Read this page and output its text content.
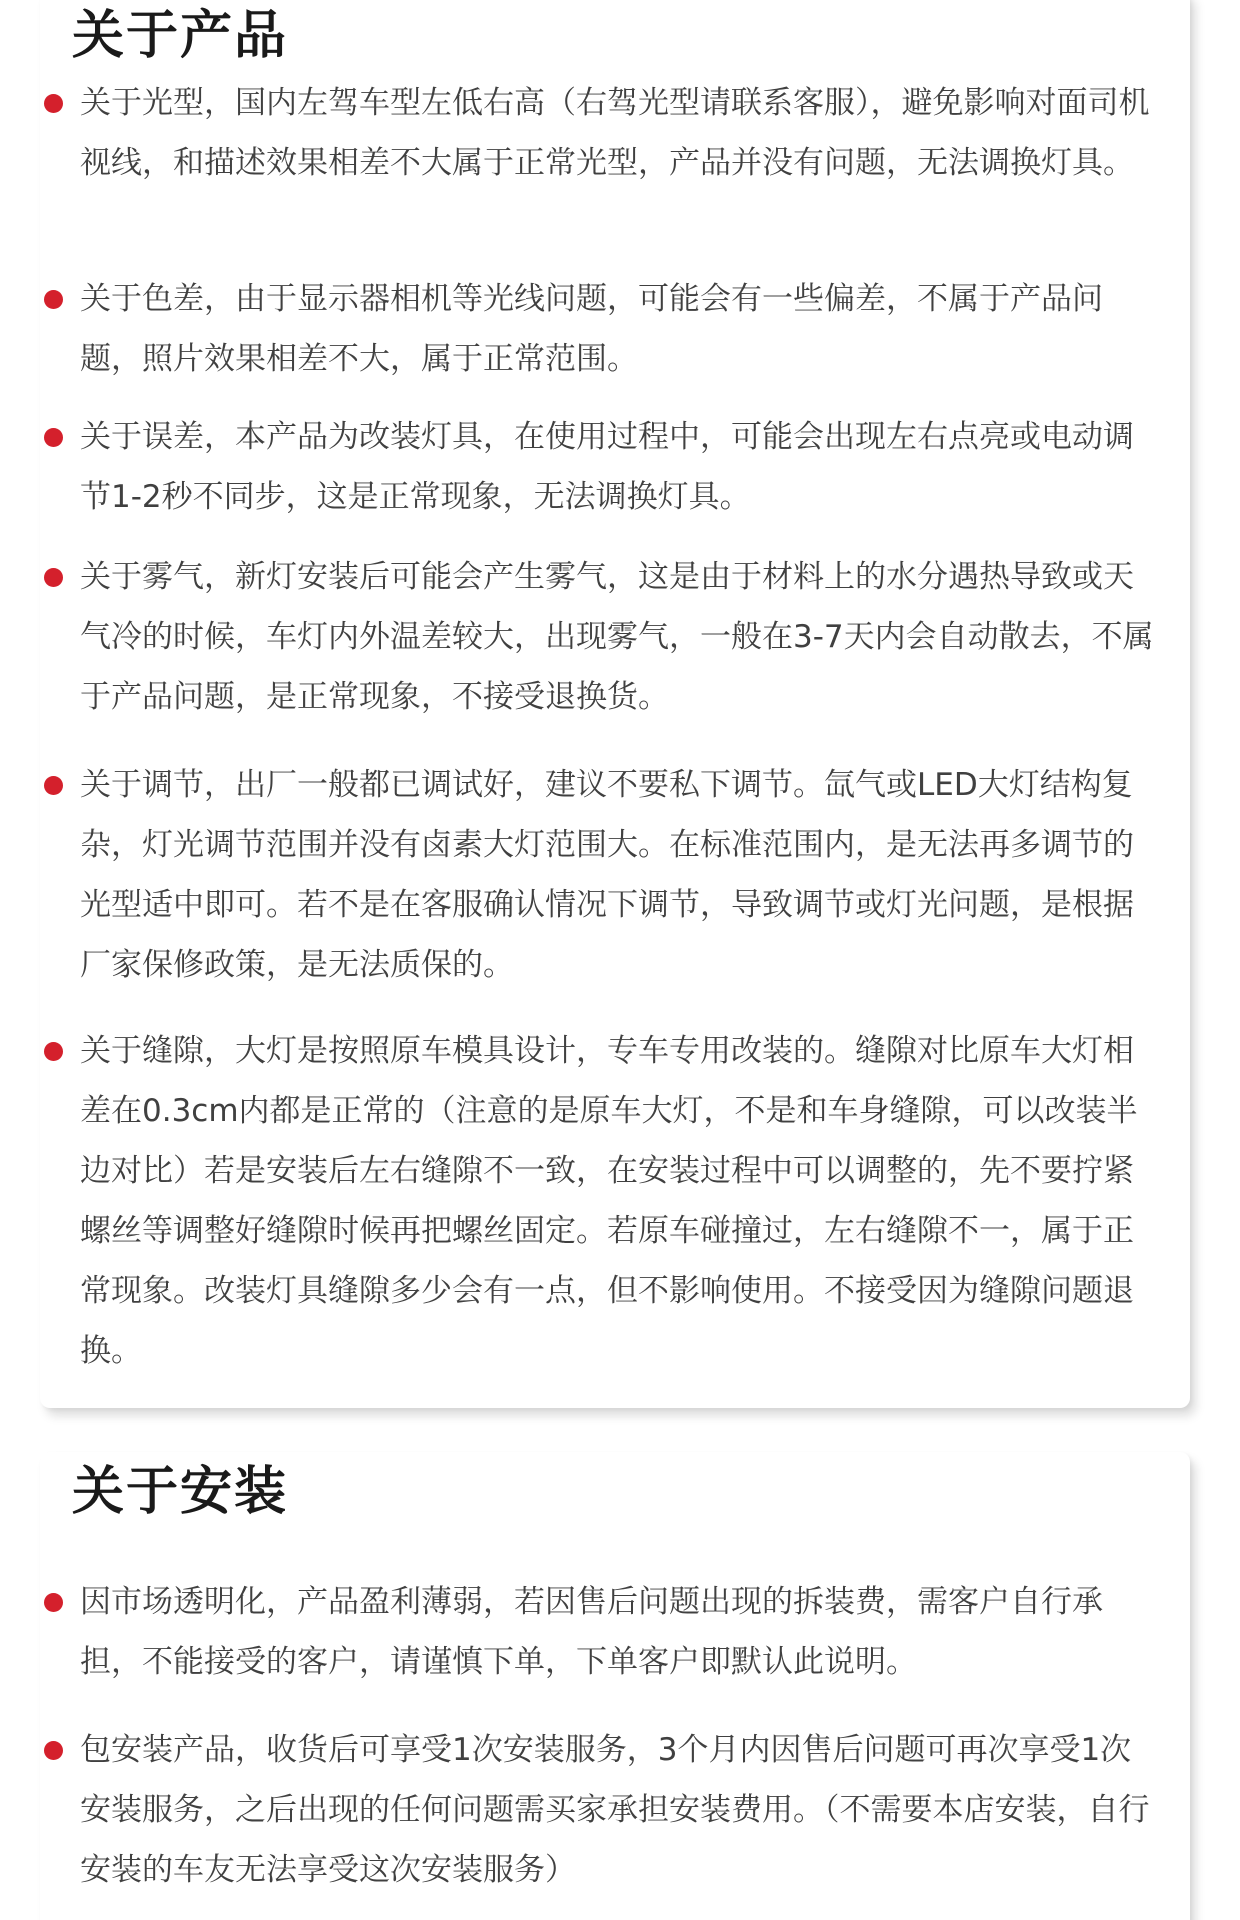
关于产品

关于光型，国内左驾车型左低右高（右驾光型请联系客服），避免影响对面司机视线，和描述效果相差不大属于正常光型，产品并没有问题，无法调换灯具。

关于色差，由于显示器相机等光线问题，可能会有一些偏差，不属于产品问题，照片效果相差不大，属于正常范围。

关于误差，本产品为改装灯具，在使用过程中，可能会出现左右点亮或电动调节1-2秒不同步，这是正常现象，无法调换灯具。

关于雾气，新灯安装后可能会产生雾气，这是由于材料上的水分遇热导致或天气冷的时候，车灯内外温差较大，出现雾气，一般在3-7天内会自动散去，不属于产品问题，是正常现象，不接受退换货。

关于调节，出厂一般都已调试好，建议不要私下调节。氙气或LED大灯结构复杂，灯光调节范围并没有卤素大灯范围大。在标准范围内，是无法再多调节的光型适中即可。若不是在客服确认情况下调节，导致调节或灯光问题，是根据厂家保修政策，是无法质保的。

关于缝隙，大灯是按照原车模具设计，专车专用改装的。缝隙对比原车大灯相差在0.3cm内都是正常的（注意的是原车大灯，不是和车身缝隙，可以改装半边对比）若是安装后左右缝隙不一致，在安装过程中可以调整的，先不要拧紧螺丝等调整好缝隙时候再把螺丝固定。若原车碰撞过，左右缝隙不一，属于正常现象。改装灯具缝隙多少会有一点，但不影响使用。不接受因为缝隙问题退换。

关于安装

因市场透明化，产品盈利薄弱，若因售后问题出现的拆装费，需客户自行承担，不能接受的客户，请谨慎下单，下单客户即默认此说明。

包安装产品，收货后可享受1次安装服务，3个月内因售后问题可再次享受1次安装服务，之后出现的任何问题需买家承担安装费用。（不需要本店安装，自行安装的车友无法享受这次安装服务）
